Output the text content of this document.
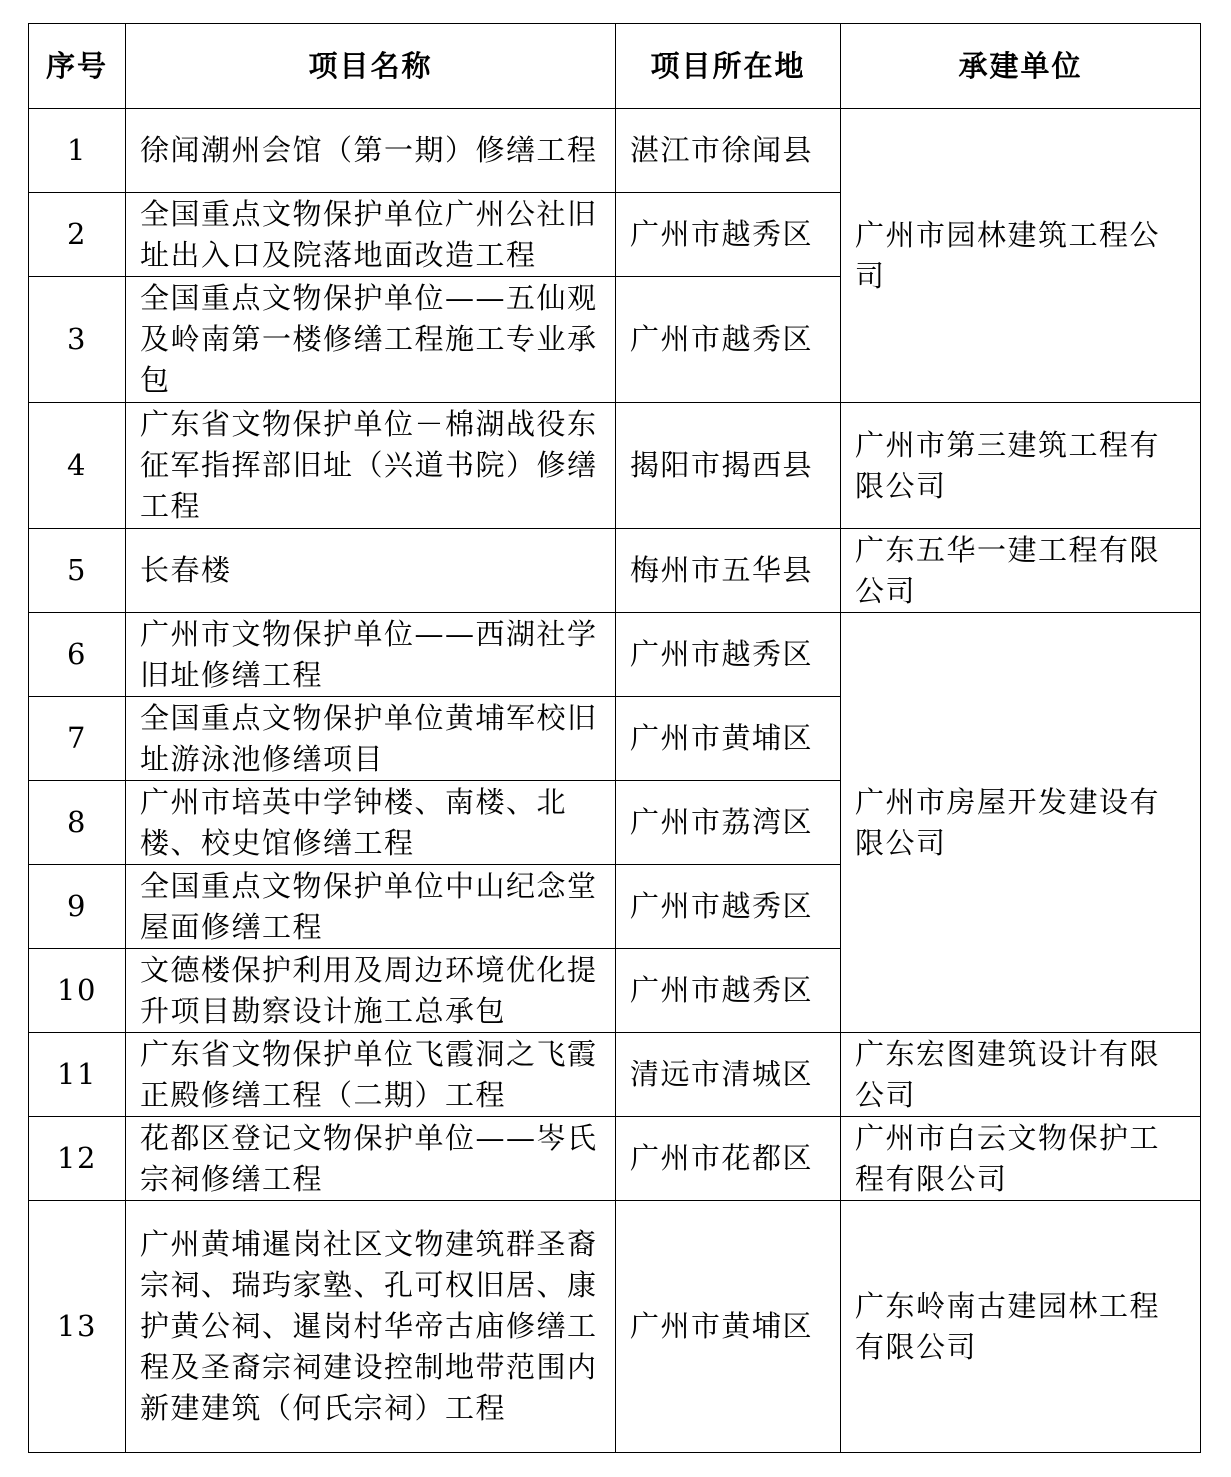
序号	项目名称	项目所在地	承建单位
1	徐闻潮州会馆（第一期）修缮工程	湛江市徐闻县	广州市园林建筑工程公司
2	全国重点文物保护单位广州公社旧址出入口及院落地面改造工程	广州市越秀区	
3	全国重点文物保护单位——五仙观及岭南第一楼修缮工程施工专业承包	广州市越秀区	
4	广东省文物保护单位－棉湖战役东征军指挥部旧址（兴道书院）修缮工程	揭阳市揭西县	广州市第三建筑工程有限公司
5	长春楼	梅州市五华县	广东五华一建工程有限公司
6	广州市文物保护单位——西湖社学旧址修缮工程	广州市越秀区	广州市房屋开发建设有限公司
7	全国重点文物保护单位黄埔军校旧址游泳池修缮项目	广州市黄埔区	
8	广州市培英中学钟楼、南楼、北楼、校史馆修缮工程	广州市荔湾区	
9	全国重点文物保护单位中山纪念堂屋面修缮工程	广州市越秀区	
10	文德楼保护利用及周边环境优化提升项目勘察设计施工总承包	广州市越秀区	
11	广东省文物保护单位飞霞洞之飞霞正殿修缮工程（二期）工程	清远市清城区	广东宏图建筑设计有限公司
12	花都区登记文物保护单位——岑氏宗祠修缮工程	广州市花都区	广州市白云文物保护工程有限公司
13	广州黄埔暹岗社区文物建筑群圣裔宗祠、瑞玙家塾、孔可权旧居、康护黄公祠、暹岗村华帝古庙修缮工程及圣裔宗祠建设控制地带范围内新建建筑（何氏宗祠）工程	广州市黄埔区	广东岭南古建园林工程有限公司
